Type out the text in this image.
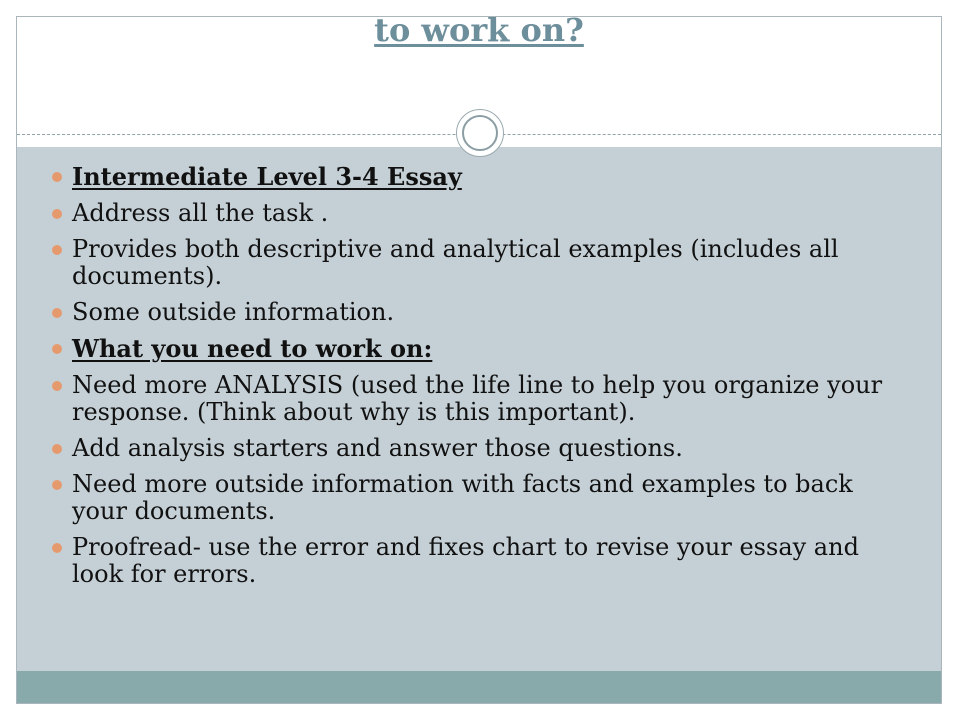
to work on?
Intermediate Level 3-4 Essay
Address all the task .
Provides both descriptive and analytical examples (includes all documents).
Some outside information.
What you need to work on:
Need more ANALYSIS (used the life line to help you organize your response. (Think about why is this important).
Add analysis starters and answer those questions.
Need more outside information with facts and examples to back your documents.
Proofread- use the error and fixes chart to revise your essay and look for errors.
